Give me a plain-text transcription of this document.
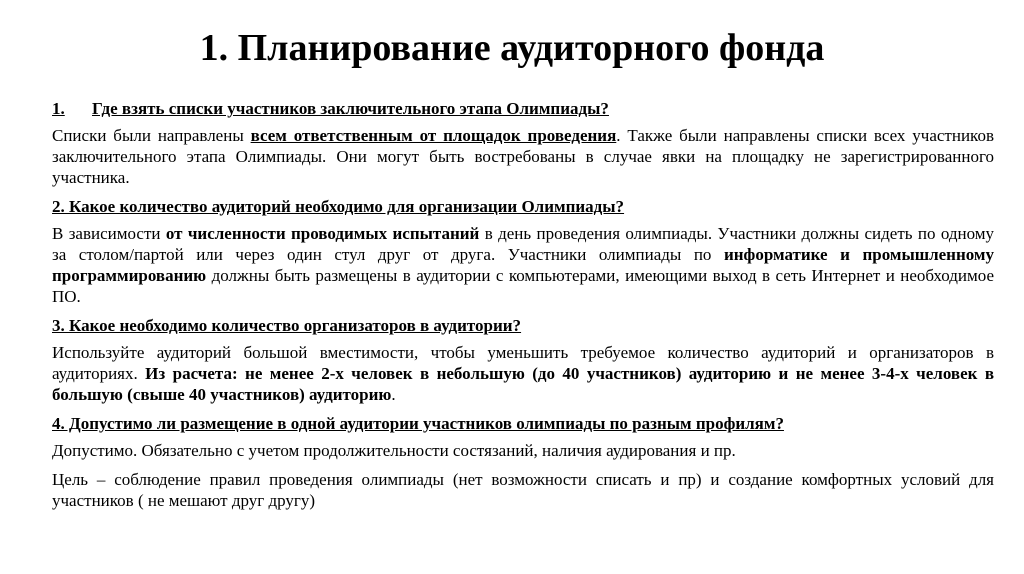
1. Планирование аудиторного фонда
1.	Где взять списки участников заключительного этапа Олимпиады?

Списки были направлены всем ответственным от площадок проведения. Также были направлены списки всех участников заключительного этапа Олимпиады. Они могут быть востребованы в случае явки на площадку не зарегистрированного участника.

2. Какое количество аудиторий необходимо для организации Олимпиады?

В зависимости от численности проводимых испытаний в день проведения олимпиады. Участники должны сидеть по одному за столом/партой или через один стул друг от друга. Участники олимпиады по информатике и промышленному программированию должны быть размещены в аудитории с компьютерами, имеющими выход в сеть Интернет и необходимое ПО.

3. Какое необходимо количество организаторов в аудитории?

Используйте аудиторий большой вместимости, чтобы уменьшить требуемое количество аудиторий и организаторов в аудиториях. Из расчета: не менее 2-х человек в небольшую (до 40 участников) аудиторию и не менее 3-4-х человек в большую (свыше 40 участников) аудиторию.

4. Допустимо ли размещение в одной аудитории участников олимпиады по разным профилям?

Допустимо. Обязательно с учетом продолжительности состязаний, наличия аудирования и пр.

Цель – соблюдение правил проведения олимпиады (нет возможности списать и пр) и создание комфортных условий для участников ( не мешают друг другу)
